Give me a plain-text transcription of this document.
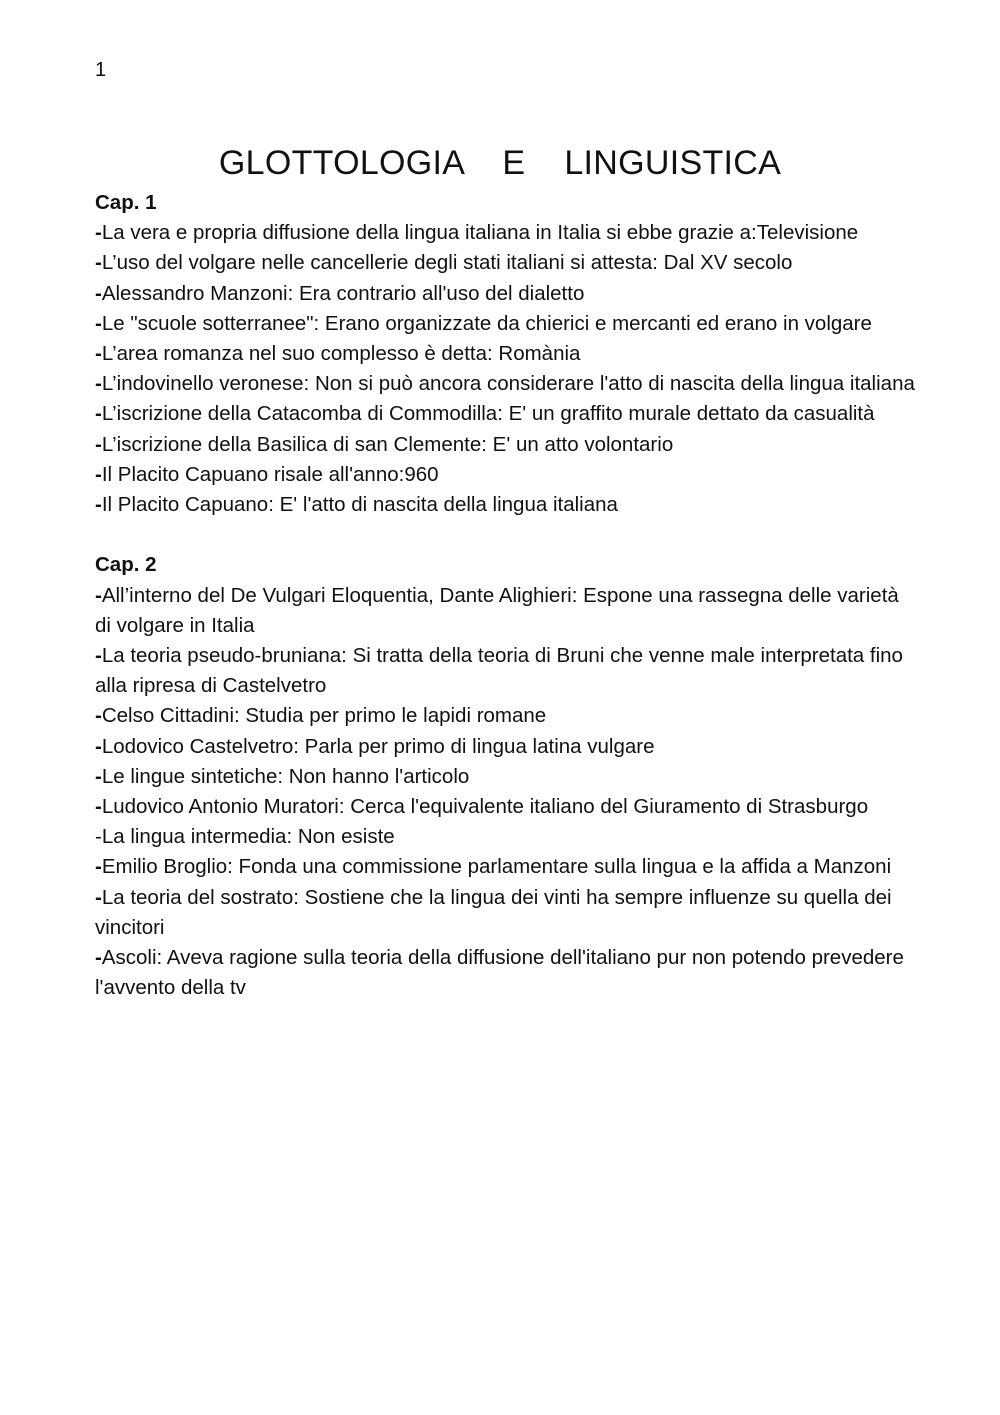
1
GLOTTOLOGIA    E    LINGUISTICA
Cap. 1
-La vera e propria diffusione della lingua italiana in Italia si ebbe grazie a:Televisione
-L’uso del volgare nelle cancellerie degli stati italiani si attesta: Dal XV secolo
-Alessandro Manzoni: Era contrario all'uso del dialetto
-Le "scuole sotterranee": Erano organizzate da chierici e mercanti ed erano in volgare
-L’area romanza nel suo complesso è detta: Romània
-L’indovinello veronese: Non si può ancora considerare l'atto di nascita della lingua italiana
-L’iscrizione della Catacomba di Commodilla: E' un graffito murale dettato da casualità
-L’iscrizione della Basilica di san Clemente: E' un atto volontario
-Il Placito Capuano risale all'anno:960
-Il Placito Capuano: E' l'atto di nascita della lingua italiana
Cap. 2
-All’interno del De Vulgari Eloquentia, Dante Alighieri: Espone una rassegna delle varietà di volgare in Italia
-La teoria pseudo-bruniana: Si tratta della teoria di Bruni che venne male interpretata fino alla ripresa di Castelvetro
-Celso Cittadini: Studia per primo le lapidi romane
-Lodovico Castelvetro: Parla per primo di lingua latina vulgare
-Le lingue sintetiche: Non hanno l'articolo
-Ludovico Antonio Muratori: Cerca l'equivalente italiano del Giuramento di Strasburgo
-La lingua intermedia: Non esiste
-Emilio Broglio: Fonda una commissione parlamentare sulla lingua e la affida a Manzoni
-La teoria del sostrato: Sostiene che la lingua dei vinti ha sempre influenze su quella dei vincitori
-Ascoli: Aveva ragione sulla teoria della diffusione dell'italiano pur non potendo prevedere l'avvento della tv
